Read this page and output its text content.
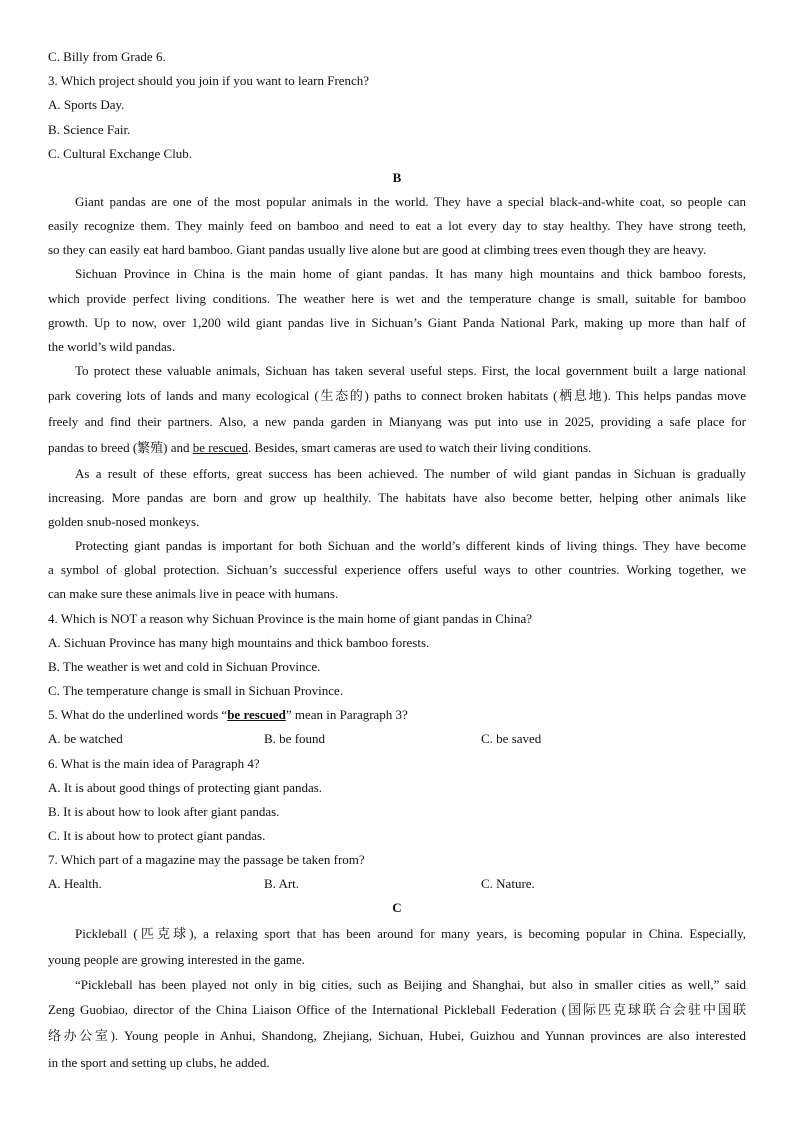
C. Billy from Grade 6.
3. Which project should you join if you want to learn French?
A. Sports Day.
B. Science Fair.
C. Cultural Exchange Club.
B
Giant pandas are one of the most popular animals in the world. They have a special black-and-white coat, so people can
easily recognize them. They mainly feed on bamboo and need to eat a lot every day to stay healthy. They have strong teeth,
so they can easily eat hard bamboo. Giant pandas usually live alone but are good at climbing trees even though they are heavy.
Sichuan Province in China is the main home of giant pandas. It has many high mountains and thick bamboo forests,
which provide perfect living conditions. The weather here is wet and the temperature change is small, suitable for bamboo
growth. Up to now, over 1,200 wild giant pandas live in Sichuan’s Giant Panda National Park, making up more than half of
the world’s wild pandas.
To protect these valuable animals, Sichuan has taken several useful steps. First, the local government built a large national
park covering lots of lands and many ecological (生态的) paths to connect broken habitats (栖息地). This helps pandas move
freely and find their partners. Also, a new panda garden in Mianyang was put into use in 2025, providing a safe place for
pandas to breed (繁殖) and be rescued. Besides, smart cameras are used to watch their living conditions.
As a result of these efforts, great success has been achieved. The number of wild giant pandas in Sichuan is gradually
increasing. More pandas are born and grow up healthily. The habitats have also become better, helping other animals like
golden snub-nosed monkeys.
Protecting giant pandas is important for both Sichuan and the world’s different kinds of living things. They have become
a symbol of global protection. Sichuan’s successful experience offers useful ways to other countries. Working together, we
can make sure these animals live in peace with humans.
4. Which is NOT a reason why Sichuan Province is the main home of giant pandas in China?
A. Sichuan Province has many high mountains and thick bamboo forests.
B. The weather is wet and cold in Sichuan Province.
C. The temperature change is small in Sichuan Province.
5. What do the underlined words “be rescued” mean in Paragraph 3?
A. be watched	B. be found	C. be saved
6. What is the main idea of Paragraph 4?
A. It is about good things of protecting giant pandas.
B. It is about how to look after giant pandas.
C. It is about how to protect giant pandas.
7. Which part of a magazine may the passage be taken from?
A. Health.	B. Art.	C. Nature.
C
Pickleball (匹克球), a relaxing sport that has been around for many years, is becoming popular in China. Especially,
young people are growing interested in the game.
“Pickleball has been played not only in big cities, such as Beijing and Shanghai, but also in smaller cities as well,” said
Zeng Guobiao, director of the China Liaison Office of the International Pickleball Federation (国际匹克球联合会驻中国联
络办公室). Young people in Anhui, Shandong, Zhejiang, Sichuan, Hubei, Guizhou and Yunnan provinces are also interested
in the sport and setting up clubs, he added.
